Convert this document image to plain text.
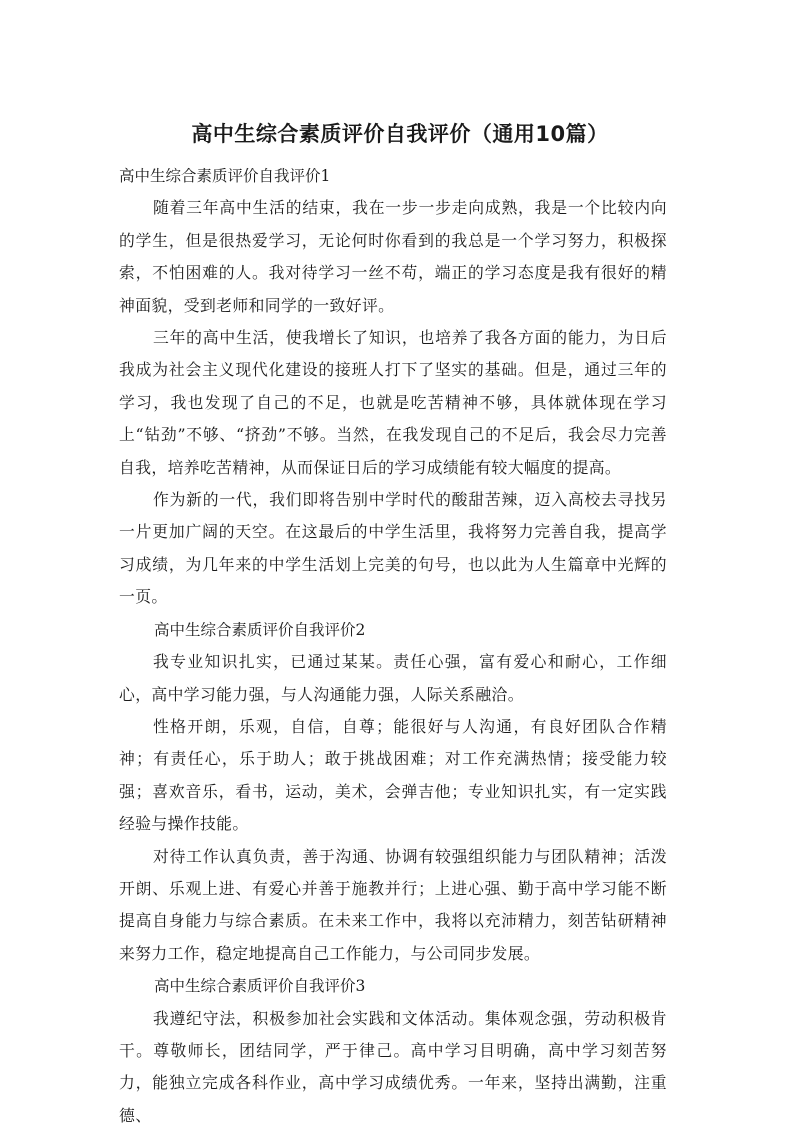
高中生综合素质评价自我评价（通用10篇）

高中生综合素质评价自我评价1

随着三年高中生活的结束，我在一步一步走向成熟，我是一个比较内向的学生，但是很热爱学习，无论何时你看到的我总是一个学习努力，积极探索，不怕困难的人。我对待学习一丝不苟，端正的学习态度是我有很好的精神面貌，受到老师和同学的一致好评。

三年的高中生活，使我增长了知识，也培养了我各方面的能力，为日后我成为社会主义现代化建设的接班人打下了坚实的基础。但是，通过三年的学习，我也发现了自己的不足，也就是吃苦精神不够，具体就体现在学习上“钻劲”不够、“挤劲”不够。当然，在我发现自己的不足后，我会尽力完善自我，培养吃苦精神，从而保证日后的学习成绩能有较大幅度的提高。

作为新的一代，我们即将告别中学时代的酸甜苦辣，迈入高校去寻找另一片更加广阔的天空。在这最后的中学生活里，我将努力完善自我，提高学习成绩，为几年来的中学生活划上完美的句号，也以此为人生篇章中光辉的一页。

高中生综合素质评价自我评价2

我专业知识扎实，已通过某某。责任心强，富有爱心和耐心，工作细心，高中学习能力强，与人沟通能力强，人际关系融洽。

性格开朗，乐观，自信，自尊；能很好与人沟通，有良好团队合作精神；有责任心，乐于助人；敢于挑战困难；对工作充满热情；接受能力较强；喜欢音乐，看书，运动，美术，会弹吉他；专业知识扎实，有一定实践经验与操作技能。

对待工作认真负责，善于沟通、协调有较强组织能力与团队精神；活泼开朗、乐观上进、有爱心并善于施教并行；上进心强、勤于高中学习能不断提高自身能力与综合素质。在未来工作中，我将以充沛精力，刻苦钻研精神来努力工作，稳定地提高自己工作能力，与公司同步发展。

高中生综合素质评价自我评价3

我遵纪守法，积极参加社会实践和文体活动。集体观念强，劳动积极肯干。尊敬师长，团结同学，严于律己。高中学习目明确，高中学习刻苦努力，能独立完成各科作业，高中学习成绩优秀。一年来，坚持出满勤，注重德、
